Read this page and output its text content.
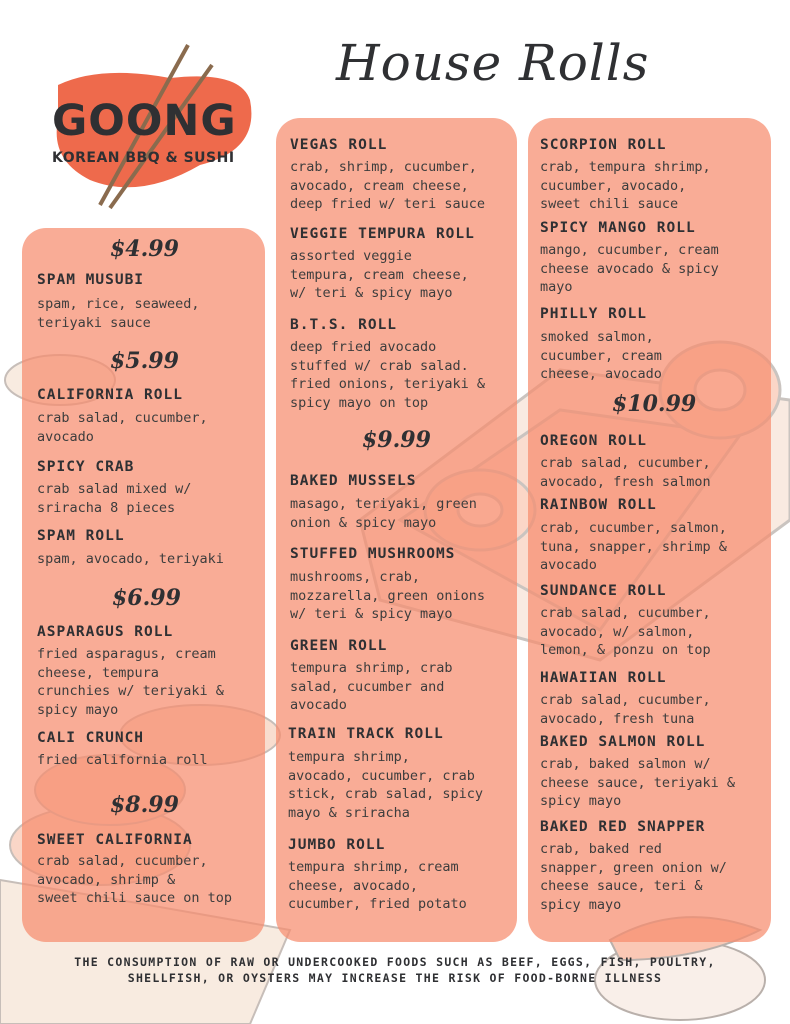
GOONG
KOREAN BBQ & SUSHI
House Rolls
$4.99
SPAM MUSUBI
spam, rice, seaweed,
teriyaki sauce
$5.99
CALIFORNIA ROLL
crab salad, cucumber,
avocado
SPICY CRAB
crab salad mixed w/
sriracha 8 pieces
SPAM ROLL
spam, avocado, teriyaki
$6.99
ASPARAGUS ROLL
fried asparagus, cream
cheese, tempura
crunchies w/ teriyaki &
spicy mayo
CALI CRUNCH
fried california roll
$8.99
SWEET CALIFORNIA
crab salad, cucumber,
avocado, shrimp &
sweet chili sauce on top
VEGAS ROLL
crab, shrimp, cucumber,
avocado, cream cheese,
deep fried w/ teri sauce
VEGGIE TEMPURA ROLL
assorted veggie
tempura, cream cheese,
w/ teri & spicy mayo
B.T.S. ROLL
deep fried avocado
stuffed w/ crab salad.
fried onions, teriyaki &
spicy mayo on top
$9.99
BAKED MUSSELS
masago, teriyaki, green
onion & spicy mayo
STUFFED MUSHROOMS
mushrooms, crab,
mozzarella, green onions
w/ teri & spicy mayo
GREEN ROLL
tempura shrimp, crab
salad, cucumber and
avocado
TRAIN TRACK ROLL
tempura shrimp,
avocado, cucumber, crab
stick, crab salad, spicy
mayo & sriracha
JUMBO ROLL
tempura shrimp, cream
cheese, avocado,
cucumber, fried potato
SCORPION ROLL
crab, tempura shrimp,
cucumber, avocado,
sweet chili sauce
SPICY MANGO ROLL
mango, cucumber, cream
cheese avocado & spicy
mayo
PHILLY ROLL
smoked salmon,
cucumber, cream
cheese, avocado
$10.99
OREGON ROLL
crab salad, cucumber,
avocado, fresh salmon
RAINBOW ROLL
crab, cucumber, salmon,
tuna, snapper, shrimp &
avocado
SUNDANCE ROLL
crab salad, cucumber,
avocado, w/ salmon,
lemon, & ponzu on top
HAWAIIAN ROLL
crab salad, cucumber,
avocado, fresh tuna
BAKED SALMON ROLL
crab, baked salmon w/
cheese sauce, teriyaki &
spicy mayo
BAKED RED SNAPPER
crab, baked red
snapper, green onion w/
cheese sauce, teri &
spicy mayo
THE CONSUMPTION OF RAW OR UNDERCOOKED FOODS SUCH AS BEEF, EGGS, FISH, POULTRY,
SHELLFISH, OR OYSTERS MAY INCREASE THE RISK OF FOOD-BORNE ILLNESS
